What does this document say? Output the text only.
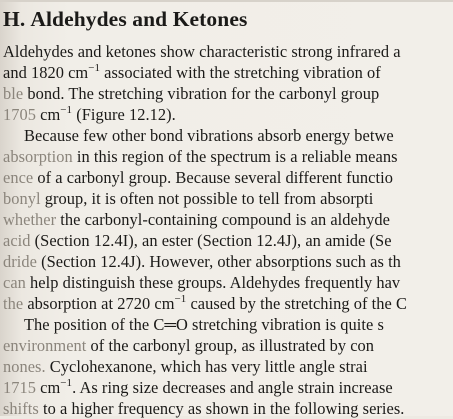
H. Aldehydes and Ketones
Aldehydes and ketones show characteristic strong infrared a
and 1820 $cm^{-1}$ associated with the stretching vibration of
ble bond. The stretching vibration for the carbonyl group
1705 $cm^{-1}$ (Figure 12.12).
Because few other bond vibrations absorb energy betwe
absorption in this region of the spectrum is a reliable means
ence of a carbonyl group. Because several different functio
bonyl group, it is often not possible to tell from absorpti
whether the carbonyl-containing compound is an aldehyde
acid (Section 12.4I), an ester (Section 12.4J), an amide (Se
dride (Section 12.4J). However, other absorptions such as th
can help distinguish these groups. Aldehydes frequently hav
the absorption at 2720 $cm^{-1}$ caused by the stretching of the C
The position of the C═O stretching vibration is quite s
environment of the carbonyl group, as illustrated by con
nones. Cyclohexanone, which has very little angle strai
1715 $cm^{-1}$. As ring size decreases and angle strain increase
shifts to a higher frequency as shown in the following series.
